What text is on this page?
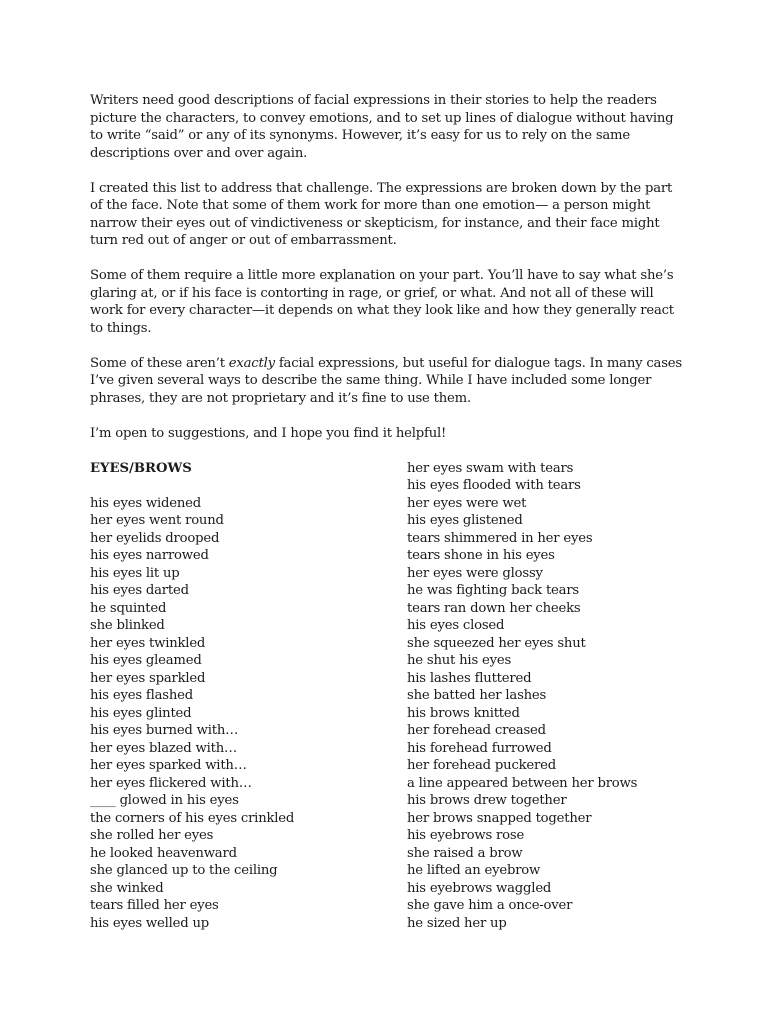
Writers need good descriptions of facial expressions in their stories to help the readers picture the characters, to convey emotions, and to set up lines of dialogue without having to write “said” or any of its synonyms. However, it’s easy for us to rely on the same descriptions over and over again.

I created this list to address that challenge. The expressions are broken down by the part of the face. Note that some of them work for more than one emotion— a person might narrow their eyes out of vindictiveness or skepticism, for instance, and their face might turn red out of anger or out of embarrassment.

Some of them require a little more explanation on your part. You’ll have to say what she’s glaring at, or if his face is contorting in rage, or grief, or what. And not all of these will work for every character—it depends on what they look like and how they generally react to things.

Some of these aren’t exactly facial expressions, but useful for dialogue tags. In many cases I’ve given several ways to describe the same thing. While I have included some longer phrases, they are not proprietary and it’s fine to use them.

I’m open to suggestions, and I hope you find it helpful!

EYES/BROWS
his eyes widened
her eyes went round
her eyelids drooped
his eyes narrowed
his eyes lit up
his eyes darted
he squinted
she blinked
her eyes twinkled
his eyes gleamed
her eyes sparkled
his eyes flashed
his eyes glinted
his eyes burned with…
her eyes blazed with…
her eyes sparked with…
her eyes flickered with…
____ glowed in his eyes
the corners of his eyes crinkled
she rolled her eyes
he looked heavenward
she glanced up to the ceiling
she winked
tears filled her eyes
his eyes welled up
her eyes swam with tears
his eyes flooded with tears
her eyes were wet
his eyes glistened
tears shimmered in her eyes
tears shone in his eyes
her eyes were glossy
he was fighting back tears
tears ran down her cheeks
his eyes closed
she squeezed her eyes shut
he shut his eyes
his lashes fluttered
she batted her lashes
his brows knitted
her forehead creased
his forehead furrowed
her forehead puckered
a line appeared between her brows
his brows drew together
her brows snapped together
his eyebrows rose
she raised a brow
he lifted an eyebrow
his eyebrows waggled
she gave him a once-over
he sized her up
